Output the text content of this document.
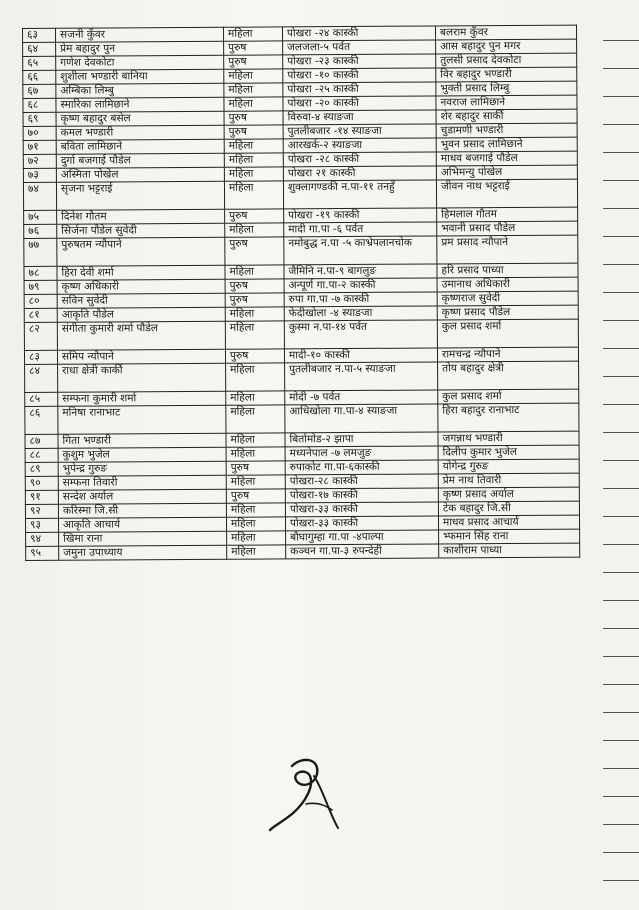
६३	सजनी कुँवर	महिला	पोखरा -२४ कास्की	बलराम कुँवर
६४	प्रेम बहादुर पुन	पुरुष	जलजला-५ पर्वत	आस बहादुर पुन मगर
६५	गणेश देवकोटा	पुरुष	पोखरा -२३ कास्की	तुलसी प्रसाद देवकोटा
६६	शुशीला भण्डारी बानिया	महिला	पोखरा -१० कास्की	विर बहादुर भण्डारी
६७	अम्बिका लिम्बु	महिला	पोखरा -२५ कास्की	भुक्ती प्रसाद लिम्बु
६८	स्मारिका लामिछाने	महिला	पोखरा -२० कास्की	नवराज लामिछाने
६९	कृष्ण बहादुर बसेल	पुरुष	विरुवा-४ स्याङजा	शेर बहादुर सार्की
७०	कमल भण्डारी	पुरुष	पुतलीबजार -१४ स्याङजा	चुडामणी भण्डारी
७१	बविता लामिछाने	महिला	आरखर्क-२ स्याङजा	भुवन प्रसाद लामिछाने
७२	दुर्गा बजगाई पौडेल	महिला	पोखरा -२८ कास्की	माधव बजगाई पौडेल
७३	अस्मिता पोखेल	महिला	पोखरा २१ कास्की	अभिमन्यु पोखेल
७४	सृजना भट्टराई	महिला	शुक्लागण्डकी न.पा-११ तनहुँ	जीवन नाथ भट्टराई
७५	दिनेश गौतम	पुरुष	पोखरा -१९ कास्की	हिमलाल गौतम
७६	सिर्जना पौडेल सुवेदी	महिला	मादी गा.पा -६ पर्वत	भवानी प्रसाद पौडेल
७७	पुरुषतम न्यौपाने	पुरुष	नमोबुद्ध न.पा -५ काभ्रेपलानचोक	प्रम प्रसाद न्यौपाने
७८	हिरा देवी शर्मा	महिला	जैमिनि न.पा-९ बागलुङ	हरि प्रसाद पाध्या
७९	कृष्ण अधिकारी	पुरुष	अन्पूर्ण गा.पा-२ कास्की	उमानाथ अधिकारी
८०	सविन सुवेदी	पुरुष	रुपा गा.पा -७ कास्की	कृष्णराज सुवेदी
८१	आकृति पौडेल	महिला	फेदीखोला -४ स्याङजा	कृष्ण प्रसाद पौडेल
८२	संगीता कुमारी शर्मा पौडेल	महिला	कुस्मा न.पा-१४ पर्वत	कुल प्रसाद शर्मा
८३	समिप न्यौपाने	पुरुष	मादी-१० कास्की	रामचन्द्र न्यौपाने
८४	राधा क्षेत्री कार्की	महिला	पुतलीबजार न.पा-५ स्याङजा	तोय बहादुर क्षेत्री
८५	सम्फना कुमारी शर्मा	महिला	मोदी -७ पर्वत	कुल प्रसाद शर्मा
८६	मनिषा रानाभाट	महिला	आधिखोला गा.पा-४ स्याङजा	हिरा बहादुर रानाभाट
८७	गिता भण्डारी	महिला	बिर्तामोड-२ झापा	जगन्नाथ भण्डारी
८८	कुशुम भुजेल	महिला	मध्यनेपाल -७ लमजुङ	दिलीप कुमार भुजेल
८९	भुपेन्द्र गुरुङ	पुरुष	रुपाकोट गा.पा-६कास्की	योगेन्द्र गुरुङ
९०	सम्फना तिवारी	महिला	पोखरा-२८ कास्की	प्रेम नाथ तिवारी
९१	सन्देश अर्याल	पुरुष	पोखरा-१७ कास्की	कृष्ण प्रसाद अर्याल
९२	करिस्मा जि.सी	महिला	पोखरा-३३ कास्की	टेक बहादुर जि.सी
९३	आकृति आचार्य	महिला	पोखरा-३३ कास्की	माधव प्रसाद आचार्य
९४	खिमा राना	महिला	बौघागुम्हा गा.पा -४पाल्पा	भ्फमान सिंह राना
९५	जमुना उपाध्याय	महिला	कञ्चन गा.पा-३ रुपन्देही	काशीराम पाध्या
